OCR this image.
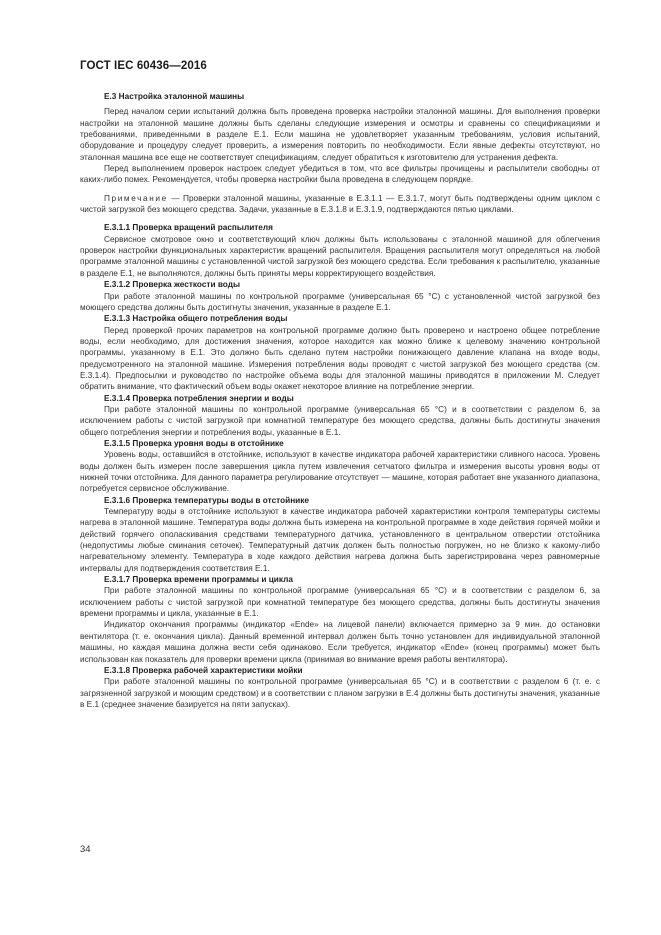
ГОСТ IEC 60436—2016
Е.3 Настройка эталонной машины

Перед началом серии испытаний должна быть проведена проверка настройки эталонной машины. Для выполнения проверки настройки на эталонной машине должны быть сделаны следующие измерения и осмотры и сравнены со спецификациями и требованиями, приведенными в разделе Е.1. Если машина не удовлетворяет указанным требованиям, условия испытаний, оборудование и процедуру следует проверить, а измерения повторить по необходимости. Если явные дефекты отсутствуют, но эталонная машина все еще не соответствует спецификациям, следует обратиться к изготовителю для устранения дефекта.

Перед выполнением проверок настроек следует убедиться в том, что все фильтры прочищены и распылители свободны от каких-либо помех. Рекомендуется, чтобы проверка настройки была проведена в следующем порядке.

Примечание — Проверки эталонной машины, указанные в Е.3.1.1 — Е.3.1.7, могут быть подтверждены одним циклом с чистой загрузкой без моющего средства. Задачи, указанные в Е.3.1.8 и Е.3.1.9, подтверждаются пятью циклами.

Е.3.1.1 Проверка вращений распылителя

Сервисное смотровое окно и соответствующий ключ должны быть использованы с эталонной машиной для облегчения проверок настройки функциональных характеристик вращений распылителя. Вращения распылителя могут определяться на любой программе эталонной машины с установленной чистой загрузкой без моющего средства. Если требования к распылителю, указанные в разделе Е.1, не выполняются, должны быть приняты меры корректирующего воздействия.

Е.3.1.2 Проверка жесткости воды

При работе эталонной машины по контрольной программе (универсальная 65 °С) с установленной чистой загрузкой без моющего средства должны быть достигнуты значения, указанные в разделе Е.1.

Е.3.1.3 Настройка общего потребления воды

Перед проверкой прочих параметров на контрольной программе должно быть проверено и настроено общее потребление воды, если необходимо, для достижения значения, которое находится как можно ближе к целевому значению контрольной программы, указанному в Е.1. Это должно быть сделано путем настройки понижающего давление клапана на входе воды, предусмотренного на эталонной машине. Измерения потребления воды проводят с чистой загрузкой без моющего средства (см. Е.3.1.4). Предпосылки и руководство по настройке объема воды для эталонной машины приводятся в приложении М. Следует обратить внимание, что фактический объем воды окажет некоторое влияние на потребление энергии.

Е.3.1.4 Проверка потребления энергии и воды

При работе эталонной машины по контрольной программе (универсальная 65 °С) и в соответствии с разделом 6, за исключением работы с чистой загрузкой при комнатной температуре без моющего средства, должны быть достигнуты значения общего потребления энергии и потребления воды, указанные в Е.1.

Е.3.1.5 Проверка уровня воды в отстойнике

Уровень воды, оставшийся в отстойнике, используют в качестве индикатора рабочей характеристики сливного насоса. Уровень воды должен быть измерен после завершения цикла путем извлечения сетчатого фильтра и измерения высоты уровня воды от нижней точки отстойника. Для данного параметра регулирование отсутствует — машине, которая работает вне указанного диапазона, потребуется сервисное обслуживание.

Е.3.1.6 Проверка температуры воды в отстойнике

Температуру воды в отстойнике используют в качестве индикатора рабочей характеристики контроля температуры системы нагрева в эталонной машине. Температура воды должна быть измерена на контрольной программе в ходе действия горячей мойки и действий горячего ополаскивания средствами температурного датчика, установленного в центральном отверстии отстойника (недопустимы любые сминания сеточек). Температурный датчик должен быть полностью погружен, но не близко к какому-либо нагревательному элементу. Температура в ходе каждого действия нагрева должна быть зарегистрирована через равномерные интервалы для подтверждения соответствия Е.1.

Е.3.1.7 Проверка времени программы и цикла

При работе эталонной машины по контрольной программе (универсальная 65 °С) и в соответствии с разделом 6, за исключением работы с чистой загрузкой при комнатной температуре без моющего средства, должны быть достигнуты значения времени программы и цикла, указанные в Е.1.

Индикатор окончания программы (индикатор «Ende» на лицевой панели) включается примерно за 9 мин. до остановки вентилятора (т. е. окончания цикла). Данный временной интервал должен быть точно установлен для индивидуальной эталонной машины, но каждая машина должна вести себя одинаково. Если требуется, индикатор «Ende» (конец программы) может быть использован как показатель для проверки времени цикла (принимая во внимание время работы вентилятора).

Е.3.1.8 Проверка рабочей характеристики мойки

При работе эталонной машины по контрольной программе (универсальная 65 °С) и в соответствии с разделом 6 (т. е. с загрязненной загрузкой и моющим средством) и в соответствии с планом загрузки в Е.4 должны быть достигнуты значения, указанные в Е.1 (среднее значение базируется на пяти запусках).

34
